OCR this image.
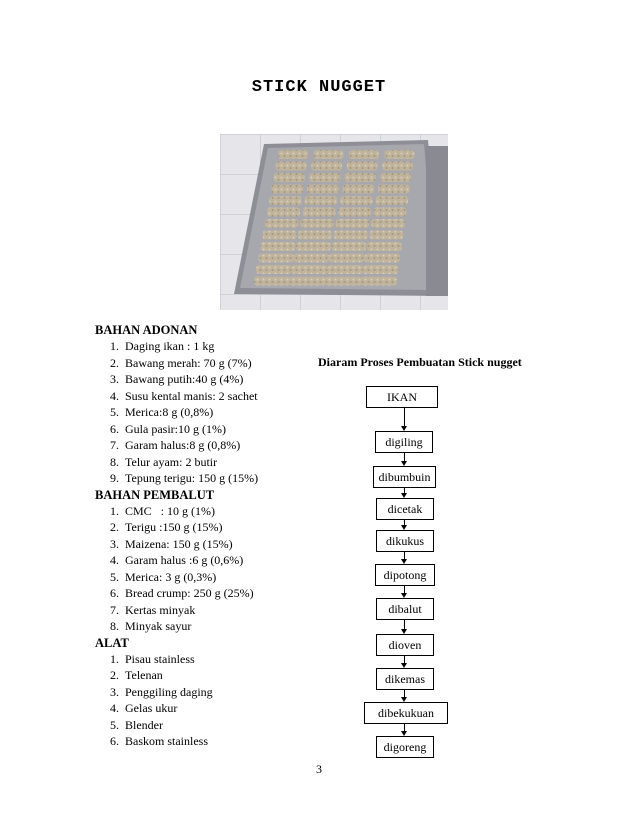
STICK NUGGET
BAHAN ADONAN
1. Daging ikan : 1 kg
2. Bawang merah: 70 g (7%)
3. Bawang putih:40 g (4%)
4. Susu kental manis: 2 sachet
5. Merica:8 g (0,8%)
6. Gula pasir:10 g (1%)
7. Garam halus:8 g (0,8%)
8. Telur ayam: 2 butir
9. Tepung terigu: 150 g (15%)
BAHAN PEMBALUT
1. CMC   : 10 g (1%)
2. Terigu :150 g (15%)
3. Maizena: 150 g (15%)
4. Garam halus :6 g (0,6%)
5. Merica: 3 g (0,3%)
6. Bread crump: 250 g (25%)
7. Kertas minyak
8. Minyak sayur
ALAT
1. Pisau stainless
2. Telenan
3. Penggiling daging
4. Gelas ukur
5. Blender
6. Baskom stainless
Diaram Proses Pembuatan Stick nugget
IKAN
digiling
dibumbuin
dicetak
dikukus
dipotong
dibalut
dioven
dikemas
dibekukuan
digoreng
3
